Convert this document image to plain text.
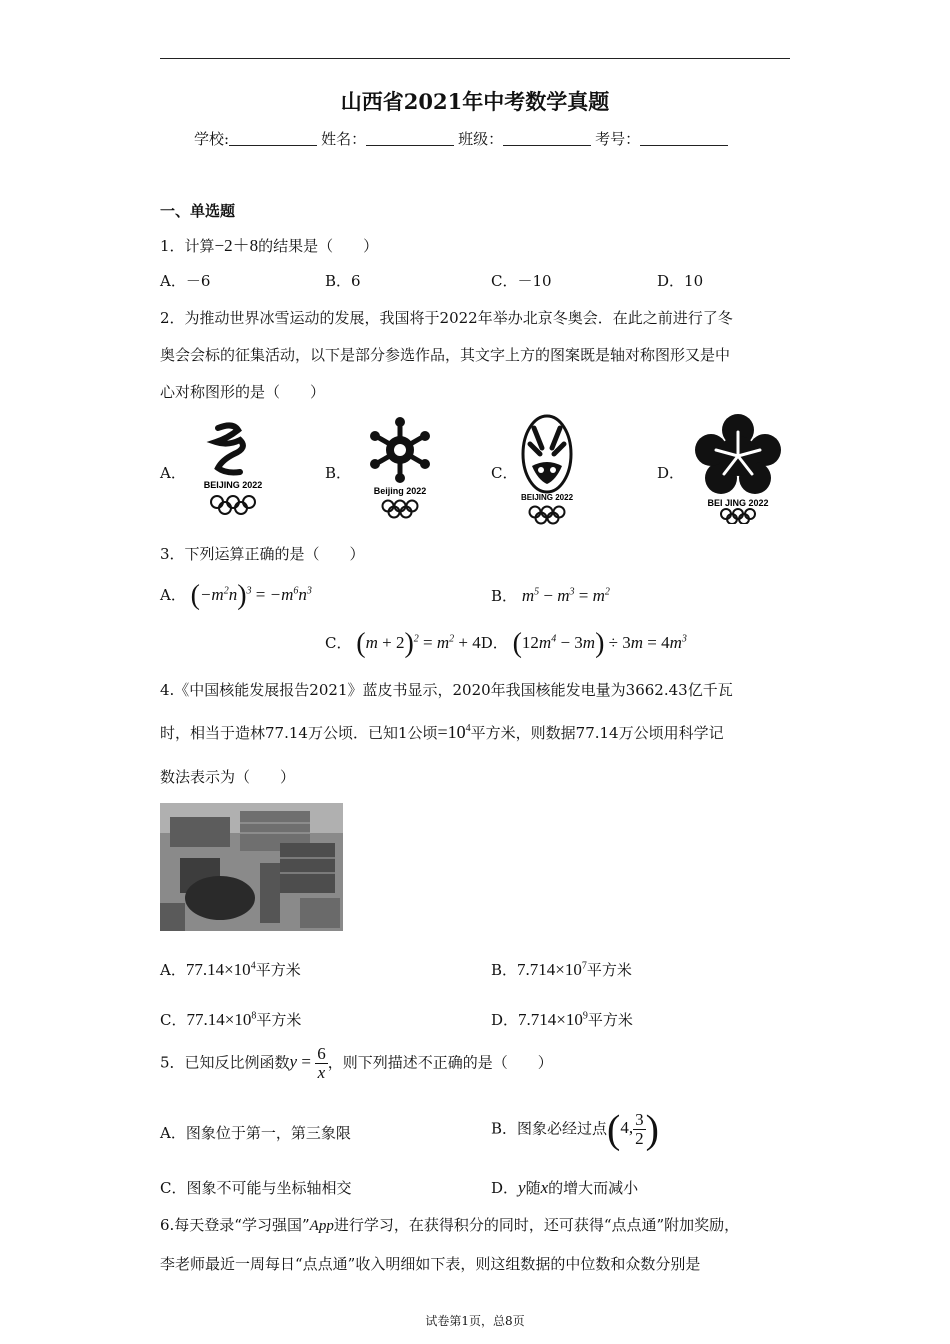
山西省2021年中考数学真题
学校:	姓名：	班级：	考号：
一、单选题
1．计算−2＋8的结果是（　　）
A．－6	B．6	C．－10	D．10
2．为推动世界冰雪运动的发展，我国将于2022年举办北京冬奥会．在此之前进行了冬
奥会会标的征集活动，以下是部分参选作品，其文字上方的图案既是轴对称图形又是中
心对称图形的是（　　）
A．	B．	C．	D．
BEIJING 2022
Beijing 2022
BEIJING 2022
BEI JING 2022
3．下列运算正确的是（　　）
A． $(-m^2n)^3 = -m^6n^3$	B． $m^5 - m^3 = m^2$
C． $(m + 2)^2 = m^2 + 4D$． $(12m^4 - 3m) \div 3m = 4m^3$
4.《中国核能发展报告2021》蓝皮书显示，2020年我国核能发电量为3662.43亿千瓦
时，相当于造林77.14万公顷．已知1公顷$=10^4$平方米，则数据77.14万公顷用科学记
数法表示为（　　）
A．$77.14\times 10^4$平方米	B．$7.714\times 10^7$平方米
C．$77.14\times 10^8$平方米	D．$7.714\times 10^9$平方米
5．已知反比例函数$y = \frac{6}{x}$ ，则下列描述不正确的是（　　）
A．图象位于第一，第三象限	B．图象必经过点(4, $\frac{3}{2}$ )
C．图象不可能与坐标轴相交	D．y随x的增大而减小
6.每天登录“学习强国”App进行学习，在获得积分的同时，还可获得“点点通”附加奖励，
李老师最近一周每日“点点通”收入明细如下表，则这组数据的中位数和众数分别是
试卷第1页，总8页
